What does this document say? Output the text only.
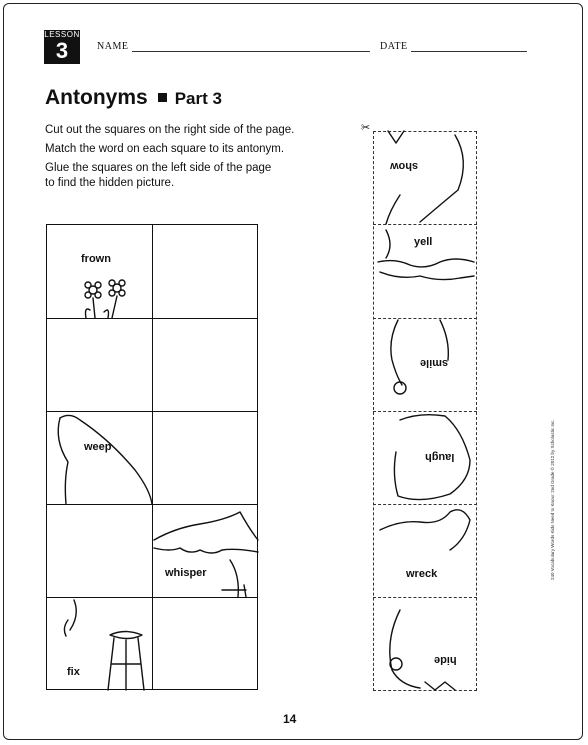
LESSON
3	NAME	DATE
Antonyms Part 3
Cut out the squares on the right side of the page.
Match the word on each square to its antonym.
Glue the squares on the left side of the page
to find the hidden picture.
frown
weep
whisper
fix
✂
show
yell
smile
laugh
wreck
hide
14
240 Vocabulary Words Kids Need to Know: 2nd Grade © 2012 by Scholastic Inc.
